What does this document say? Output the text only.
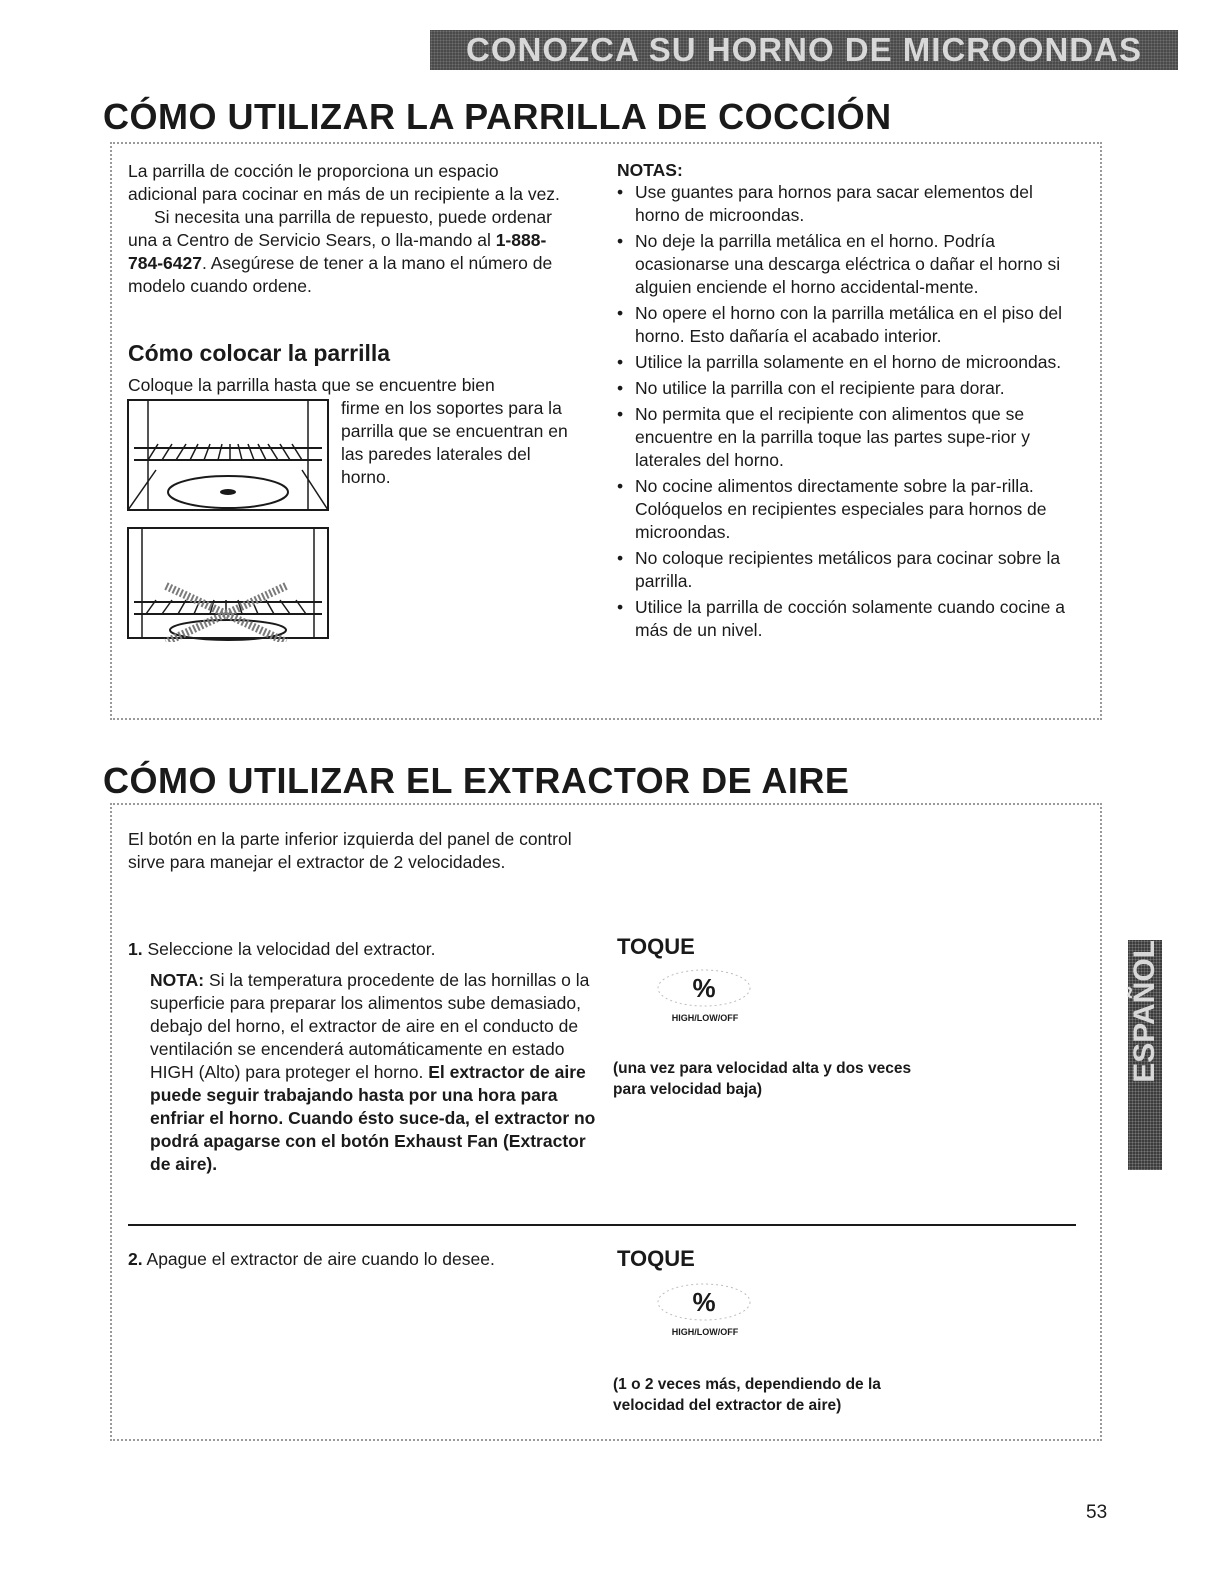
CONOZCA SU HORNO DE MICROONDAS
CÓMO UTILIZAR LA PARRILLA DE COCCIÓN

La parrilla de cocción le proporciona un espacio adicional para cocinar en más de un recipiente a la vez.

Si necesita una parrilla de repuesto, puede ordenar una a Centro de Servicio Sears, o lla-mando al 1-888-784-6427. Asegúrese de tener a la mano el número de modelo cuando ordene.

Cómo colocar la parrilla

Coloque la parrilla hasta que se encuentre bien

firme en los soportes para la parrilla que se encuentran en las paredes laterales del horno.

NOTAS:

• Use guantes para hornos para sacar elementos del horno de microondas.
• No deje la parrilla metálica en el horno. Podría ocasionarse una descarga eléctrica o dañar el horno si alguien enciende el horno accidental-mente.
• No opere el horno con la parrilla metálica en el piso del horno. Esto dañaría el acabado interior.
• Utilice la parrilla solamente en el horno de microondas.
• No utilice la parrilla con el recipiente para dorar.
• No permita que el recipiente con alimentos que se encuentre en la parrilla toque las partes supe-rior y laterales del horno.
• No cocine alimentos directamente sobre la par-rilla. Colóquelos en recipientes especiales para hornos de microondas.
• No coloque recipientes metálicos para cocinar sobre la parrilla.
• Utilice la parrilla de cocción solamente cuando cocine a más de un nivel.
CÓMO UTILIZAR EL EXTRACTOR DE AIRE

El botón en la parte inferior izquierda del panel de control sirve para manejar el extractor de 2 velocidades.

1. Seleccione la velocidad del extractor.

NOTA: Si la temperatura procedente de las hornillas o la superficie para preparar los alimentos sube demasiado, debajo del horno, el extractor de aire en el conducto de ventilación se encenderá automáticamente en estado HIGH (Alto) para proteger el horno. El extractor de aire puede seguir trabajando hasta por una hora para enfriar el horno. Cuando ésto suce-da, el extractor no podrá apagarse con el botón Exhaust Fan (Extractor de aire).

TOQUE

%
HIGH/LOW/OFF

(una vez para velocidad alta y dos veces para velocidad baja)

2. Apague el extractor de aire cuando lo desee.	TOQUE

%
HIGH/LOW/OFF

(1 o 2 veces más, dependiendo de la velocidad del extractor de aire)

ESPAÑOL
53
